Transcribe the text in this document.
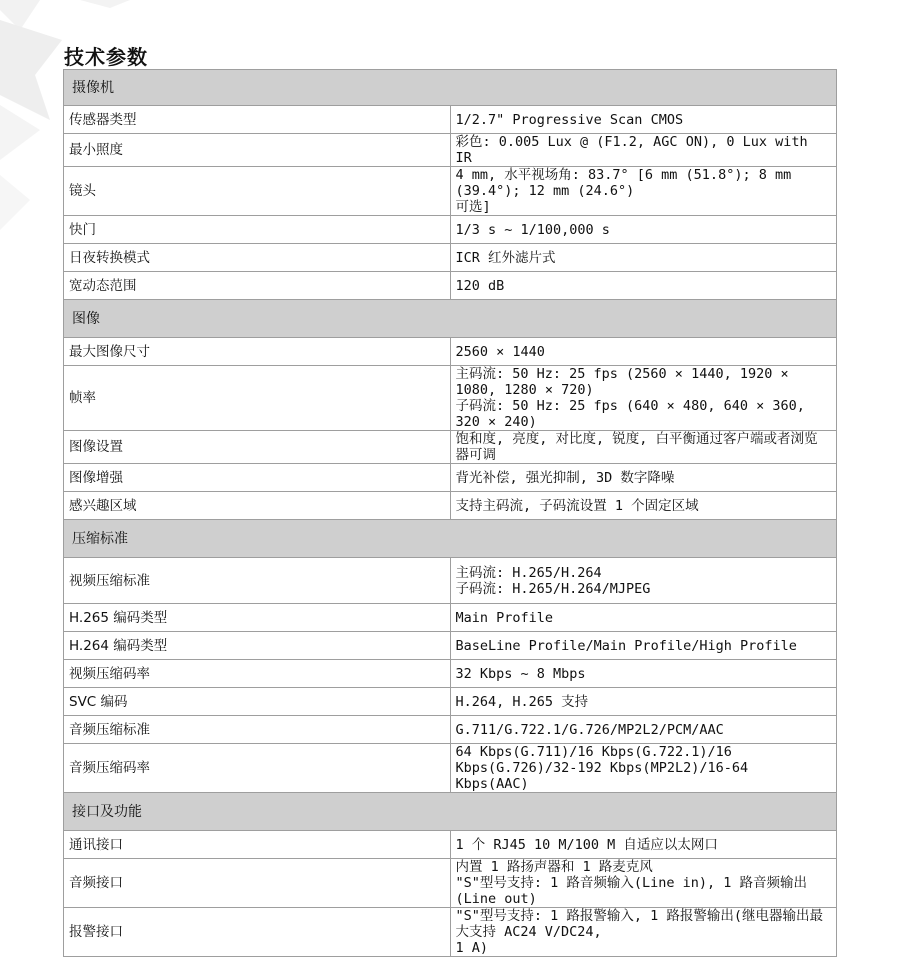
技术参数
摄像机	
传感器类型	1/2.7" Progressive Scan CMOS
最小照度	彩色: 0.005 Lux @ (F1.2, AGC ON), 0 Lux with IR
镜头	4 mm, 水平视场角: 83.7° [6 mm (51.8°); 8 mm (39.4°); 12 mm (24.6°)
可选]
快门	1/3 s ~ 1/100,000 s
日夜转换模式	ICR 红外滤片式
宽动态范围	120 dB
图像	
最大图像尺寸	2560 × 1440
帧率	主码流: 50 Hz: 25 fps (2560 × 1440, 1920 × 1080, 1280 × 720)
子码流: 50 Hz: 25 fps (640 × 480, 640 × 360, 320 × 240)
图像设置	饱和度, 亮度, 对比度, 锐度, 白平衡通过客户端或者浏览器可调
图像增强	背光补偿, 强光抑制, 3D 数字降噪
感兴趣区域	支持主码流, 子码流设置 1 个固定区域
压缩标准	
视频压缩标准	主码流: H.265/H.264
子码流: H.265/H.264/MJPEG
H.265 编码类型	Main Profile
H.264 编码类型	BaseLine Profile/Main Profile/High Profile
视频压缩码率	32 Kbps ~ 8 Mbps
SVC 编码	H.264, H.265 支持
音频压缩标准	G.711/G.722.1/G.726/MP2L2/PCM/AAC
音频压缩码率	64 Kbps(G.711)/16 Kbps(G.722.1)/16 Kbps(G.726)/32-192 Kbps(MP2L2)/16-64
Kbps(AAC)
接口及功能	
通讯接口	1 个 RJ45 10 M/100 M 自适应以太网口
音频接口	内置 1 路扬声器和 1 路麦克风
"S"型号支持: 1 路音频输入(Line in), 1 路音频输出(Line out)
报警接口	"S"型号支持: 1 路报警输入, 1 路报警输出(继电器输出最大支持 AC24 V/DC24,
1 A)
